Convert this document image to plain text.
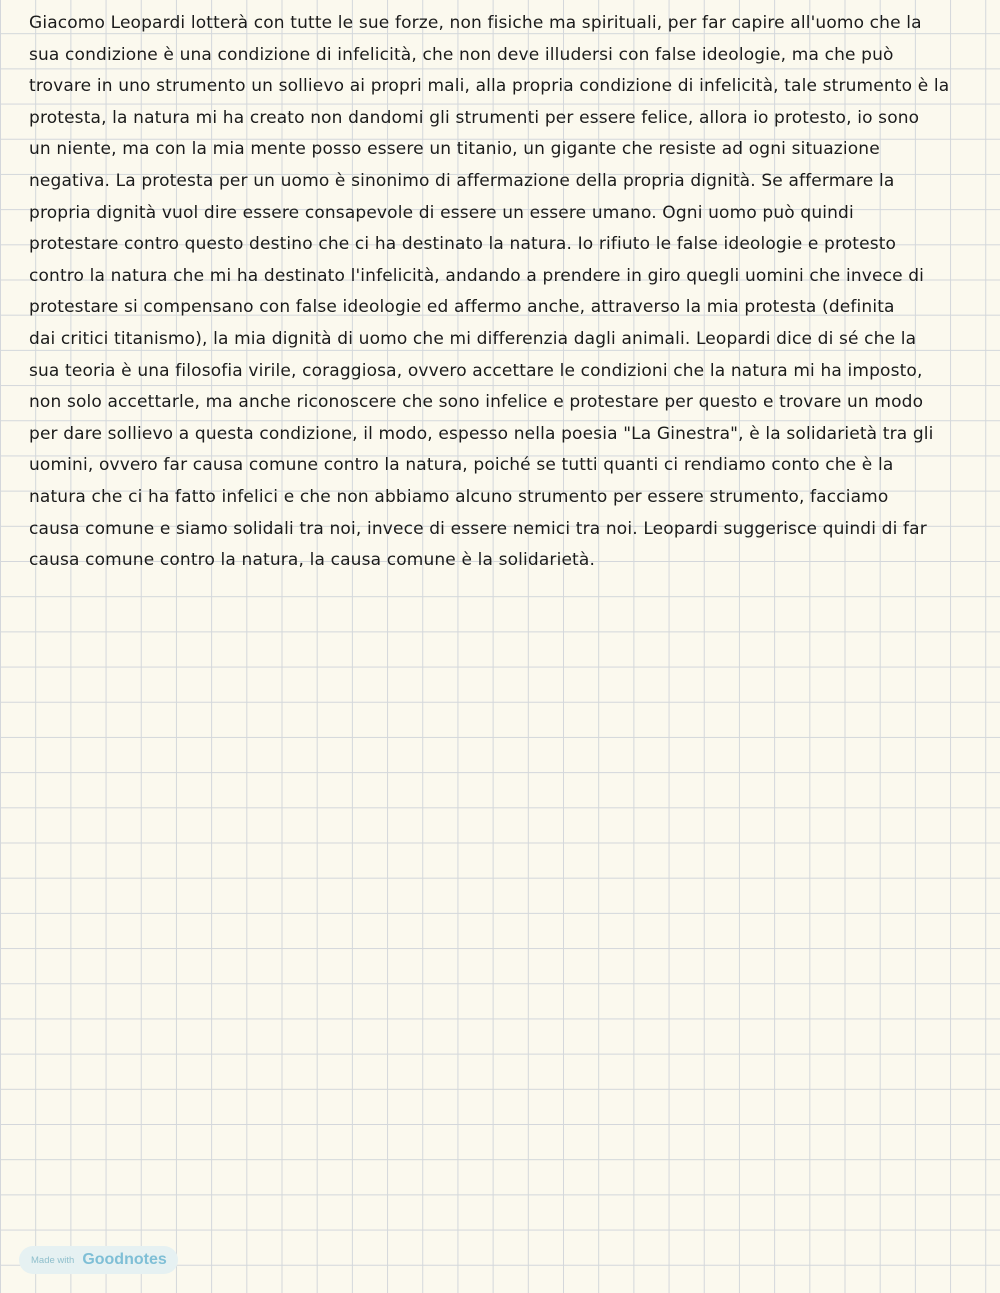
Giacomo Leopardi lotterà con tutte le sue forze, non fisiche ma spirituali, per far capire all'uomo che la
sua condizione è una condizione di infelicità, che non deve illudersi con false ideologie, ma che può
trovare in uno strumento un sollievo ai propri mali, alla propria condizione di infelicità, tale strumento è la
protesta, la natura mi ha creato non dandomi gli strumenti per essere felice, allora io protesto, io sono
un niente, ma con la mia mente posso essere un titanio, un gigante che resiste ad ogni situazione
negativa. La protesta per un uomo è sinonimo di affermazione della propria dignità. Se affermare la
propria dignità vuol dire essere consapevole di essere un essere umano. Ogni uomo può quindi
protestare contro questo destino che ci ha destinato la natura. Io rifiuto le false ideologie e protesto
contro la natura che mi ha destinato l'infelicità, andando a prendere in giro quegli uomini che invece di
protestare si compensano con false ideologie ed affermo anche, attraverso la mia protesta (definita
dai critici titanismo), la mia dignità di uomo che mi differenzia dagli animali. Leopardi dice di sé che la
sua teoria è una filosofia virile, coraggiosa, ovvero accettare le condizioni che la natura mi ha imposto,
non solo accettarle, ma anche riconoscere che sono infelice e protestare per questo e trovare un modo
per dare sollievo a questa condizione, il modo, espesso nella poesia "La Ginestra", è la solidarietà tra gli
uomini, ovvero far causa comune contro la natura, poiché se tutti quanti ci rendiamo conto che è la
natura che ci ha fatto infelici e che non abbiamo alcuno strumento per essere strumento, facciamo
causa comune e siamo solidali tra noi, invece di essere nemici tra noi. Leopardi suggerisce quindi di far
causa comune contro la natura, la causa comune è la solidarietà.
Made with Goodnotes
